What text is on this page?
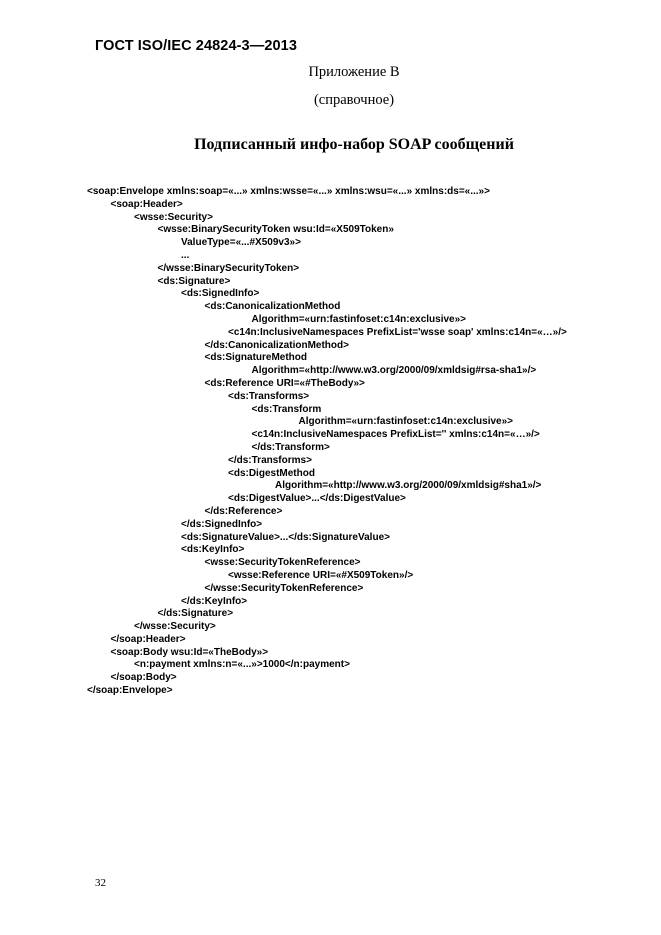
ГОСТ ISO/IEC 24824-3—2013
Приложение В
(справочное)
Подписанный инфо-набор SOAP сообщений
<soap:Envelope xmlns:soap=«...» xmlns:wsse=«...» xmlns:wsu=«...» xmlns:ds=«...»>
<soap:Header>
<wsse:Security>
<wsse:BinarySecurityToken wsu:Id=«X509Token»
ValueType=«...#X509v3»>
...
</wsse:BinarySecurityToken>
<ds:Signature>
<ds:SignedInfo>
<ds:CanonicalizationMethod
Algorithm=«urn:fastinfoset:c14n:exclusive»>
<c14n:InclusiveNamespaces PrefixList='wsse soap' xmlns:c14n=«…»/>
</ds:CanonicalizationMethod>
<ds:SignatureMethod
Algorithm=«http://www.w3.org/2000/09/xmldsig#rsa-sha1»/>
<ds:Reference URI=«#TheBody»>
<ds:Transforms>
<ds:Transform
Algorithm=«urn:fastinfoset:c14n:exclusive»>
<c14n:InclusiveNamespaces PrefixList='' xmlns:c14n=«…»/>
</ds:Transform>
</ds:Transforms>
<ds:DigestMethod
Algorithm=«http://www.w3.org/2000/09/xmldsig#sha1»/>
<ds:DigestValue>...</ds:DigestValue>
</ds:Reference>
</ds:SignedInfo>
<ds:SignatureValue>...</ds:SignatureValue>
<ds:KeyInfo>
<wsse:SecurityTokenReference>
<wsse:Reference URI=«#X509Token»/>
</wsse:SecurityTokenReference>
</ds:KeyInfo>
</ds:Signature>
</wsse:Security>
</soap:Header>
<soap:Body wsu:Id=«TheBody»>
<n:payment xmlns:n=«...»>1000</n:payment>
</soap:Body>
</soap:Envelope>
32
